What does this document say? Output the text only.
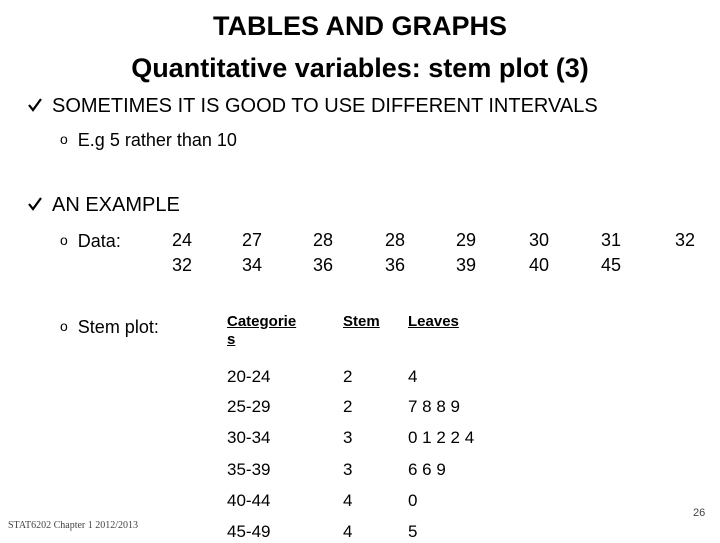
TABLES AND GRAPHS
Quantitative variables: stem plot (3)
SOMETIMES IT IS GOOD TO USE DIFFERENT INTERVALS
o E.g 5 rather than 10
AN EXAMPLE
o Data:	24	27	28	28	29	30	31	32
32	34	36	36	39	40	45
o Stem plot:	Categorie
s
Stem Leaves
20-24	2	4
25-29	2	7 8 8 9
30-34	3	0 1 2 2 4
35-39	3	6 6 9
40-44	4	0
45-49	4	5
STAT6202 Chapter 1 2012/2013
26
